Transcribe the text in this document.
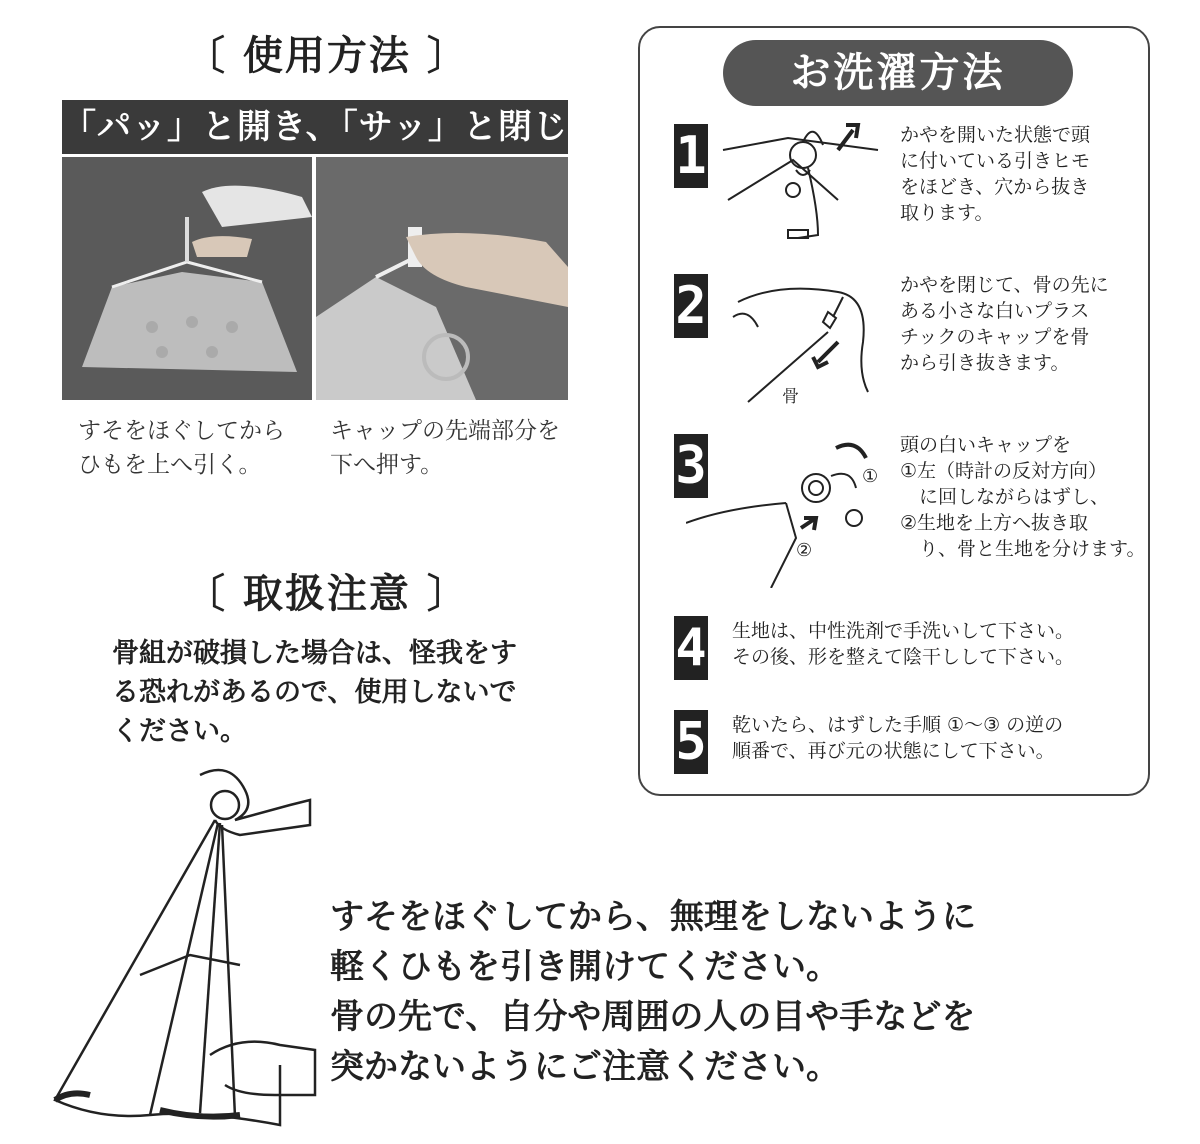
〔 使用方法 〕
「パッ」と開き、「サッ」と閉じる
すそをほぐしてから
ひもを上へ引く。
キャップの先端部分を
下へ押す。
〔 取扱注意 〕
骨組が破損した場合は、怪我をす
る恐れがあるので、使用しないで
ください。
すそをほぐしてから、無理をしないように
軽くひもを引き開けてください。
骨の先で、自分や周囲の人の目や手などを
突かないようにご注意ください。
お洗濯方法
1	かやを開いた状態で頭
に付いている引きヒモ
をほどき、穴から抜き
取ります。
2
骨
かやを閉じて、骨の先に
ある小さな白いプラス
チックのキャップを骨
から引き抜きます。
3	①
②
頭の白いキャップを
①左（時計の反対方向）
　に回しながらはずし、
②生地を上方へ抜き取
　り、骨と生地を分けます。
4 生地は、中性洗剤で手洗いして下さい。
その後、形を整えて陰干しして下さい。
5 乾いたら、はずした手順 ①～③ の逆の
順番で、再び元の状態にして下さい。
